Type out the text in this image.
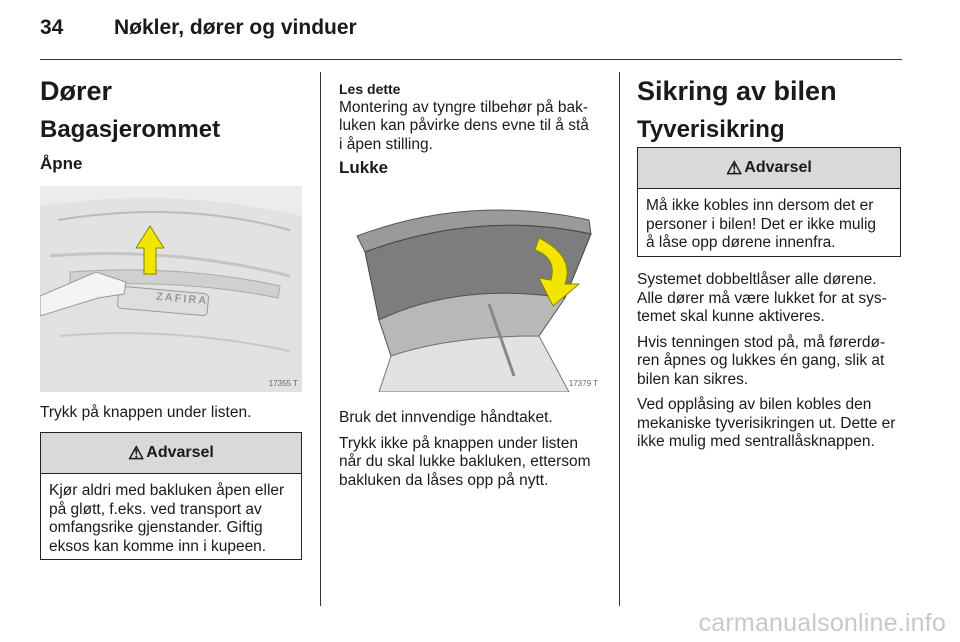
34 Nøkler, dører og vinduer
Dører
Bagasjerommet
Åpne
17355 T
ZAFIRA
Trykk på knappen under listen.
⚠ Advarsel
Kjør aldri med bakluken åpen eller
på gløtt, f.eks. ved transport av
omfangsrike gjenstander. Giftig
eksos kan komme inn i kupeen.
Les dette
Montering av tyngre tilbehør på bak-
luken kan påvirke dens evne til å stå
i åpen stilling.
Lukke
17379 T

Bruk det innvendige håndtaket.

Trykk ikke på knappen under listen
når du skal lukke bakluken, ettersom
bakluken da låses opp på nytt.

Sikring av bilen
Tyverisikring
⚠ Advarsel
Må ikke kobles inn dersom det er
personer i bilen! Det er ikke mulig
å låse opp dørene innenfra.

Systemet dobbeltlåser alle dørene.
Alle dører må være lukket for at sys-
temet skal kunne aktiveres.

Hvis tenningen stod på, må førerdø-
ren åpnes og lukkes én gang, slik at
bilen kan sikres.

Ved opplåsing av bilen kobles den
mekaniske tyverisikringen ut. Dette er
ikke mulig med sentrallåsknappen.

carmanualsonline.info
